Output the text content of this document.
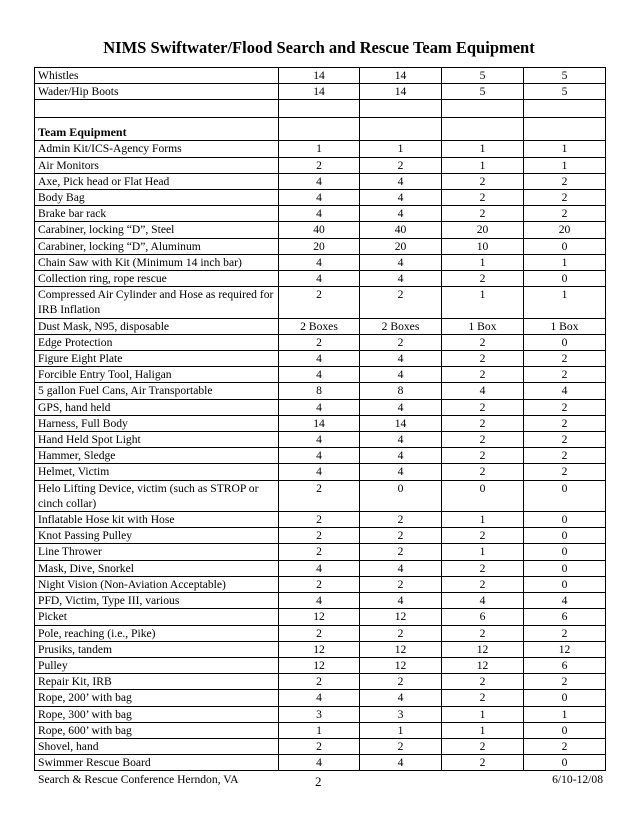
NIMS Swiftwater/Flood Search and Rescue Team Equipment
Whistles	14	14	5	5
Wader/Hip Boots	14	14	5	5

Team Equipment				
Admin Kit/ICS-Agency Forms	1	1	1	1
Air Monitors	2	2	1	1
Axe, Pick head or Flat Head	4	4	2	2
Body Bag	4	4	2	2
Brake bar rack	4	4	2	2
Carabiner, locking “D”, Steel	40	40	20	20
Carabiner, locking “D”, Aluminum	20	20	10	0
Chain Saw with Kit (Minimum 14 inch bar)	4	4	1	1
Collection ring, rope rescue	4	4	2	0
Compressed Air Cylinder and Hose as required for IRB Inflation	2	2	1	1
Dust Mask, N95, disposable	2 Boxes	2 Boxes	1 Box	1 Box
Edge Protection	2	2	2	0
Figure Eight Plate	4	4	2	2
Forcible Entry Tool, Haligan	4	4	2	2
5 gallon Fuel Cans, Air Transportable	8	8	4	4
GPS, hand held	4	4	2	2
Harness, Full Body	14	14	2	2
Hand Held Spot Light	4	4	2	2
Hammer, Sledge	4	4	2	2
Helmet, Victim	4	4	2	2
Helo Lifting Device, victim (such as STROP or cinch collar)	2	0	0	0
Inflatable Hose kit with Hose	2	2	1	0
Knot Passing Pulley	2	2	2	0
Line Thrower	2	2	1	0
Mask, Dive, Snorkel	4	4	2	0
Night Vision (Non-Aviation Acceptable)	2	2	2	0
PFD, Victim, Type III, various	4	4	4	4
Picket	12	12	6	6
Pole, reaching (i.e., Pike)	2	2	2	2
Prusiks, tandem	12	12	12	12
Pulley	12	12	12	6
Repair Kit, IRB	2	2	2	2
Rope, 200’ with bag	4	4	2	0
Rope, 300’ with bag	3	3	1	1
Rope, 600’ with bag	1	1	1	0
Shovel, hand	2	2	2	2
Swimmer Rescue Board	4	4	2	0
Search & Rescue Conference Herndon, VA	2	6/10-12/08
